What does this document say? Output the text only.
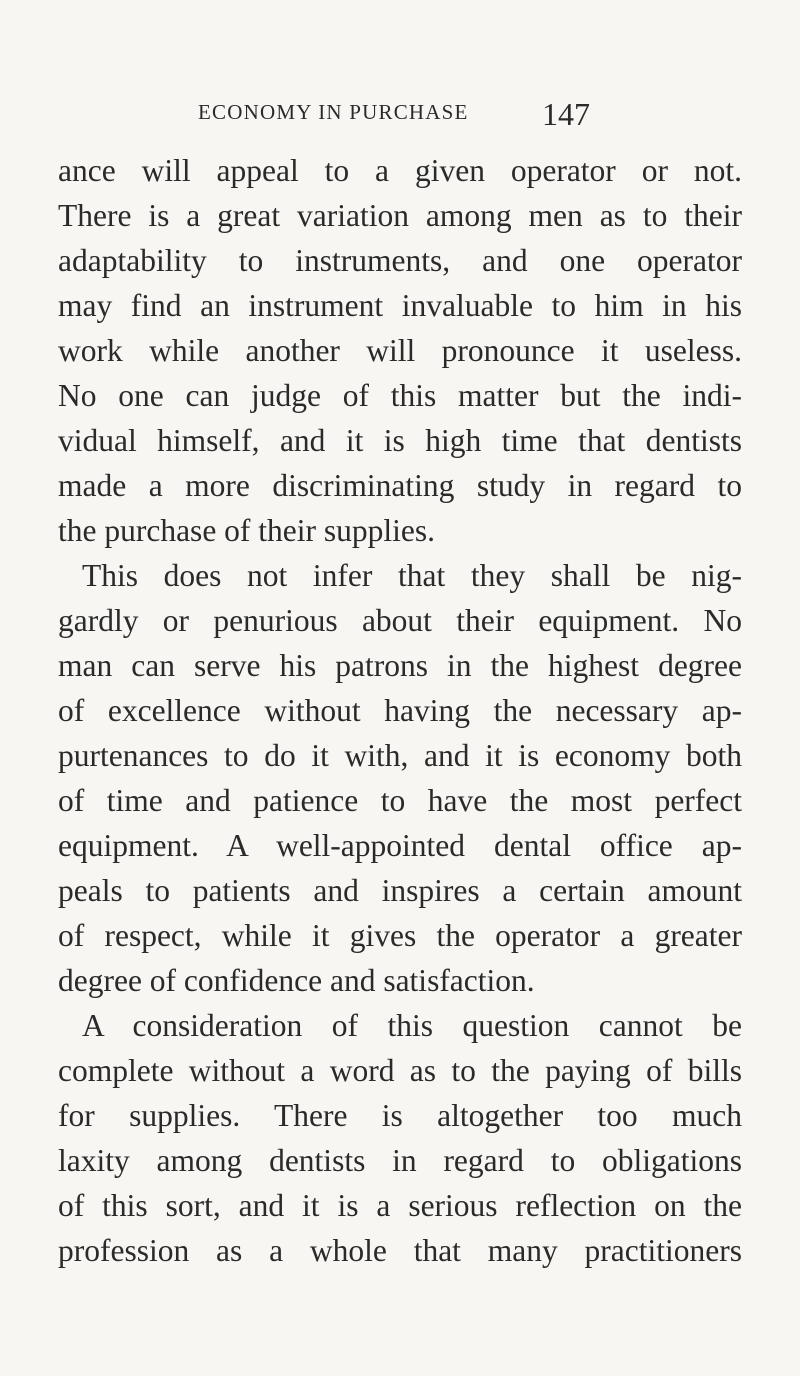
ECONOMY IN PURCHASE 147
ance will appeal to a given operator or not.
There is a great variation among men as to their
adaptability to instruments, and one operator
may find an instrument invaluable to him in his
work while another will pronounce it useless.
No one can judge of this matter but the indi-
vidual himself, and it is high time that dentists
made a more discriminating study in regard to
the purchase of their supplies.
This does not infer that they shall be nig-
gardly or penurious about their equipment. No
man can serve his patrons in the highest degree
of excellence without having the necessary ap-
purtenances to do it with, and it is economy both
of time and patience to have the most perfect
equipment. A well-appointed dental office ap-
peals to patients and inspires a certain amount
of respect, while it gives the operator a greater
degree of confidence and satisfaction.
A consideration of this question cannot be
complete without a word as to the paying of bills
for supplies. There is altogether too much
laxity among dentists in regard to obligations
of this sort, and it is a serious reflection on the
profession as a whole that many practitioners
